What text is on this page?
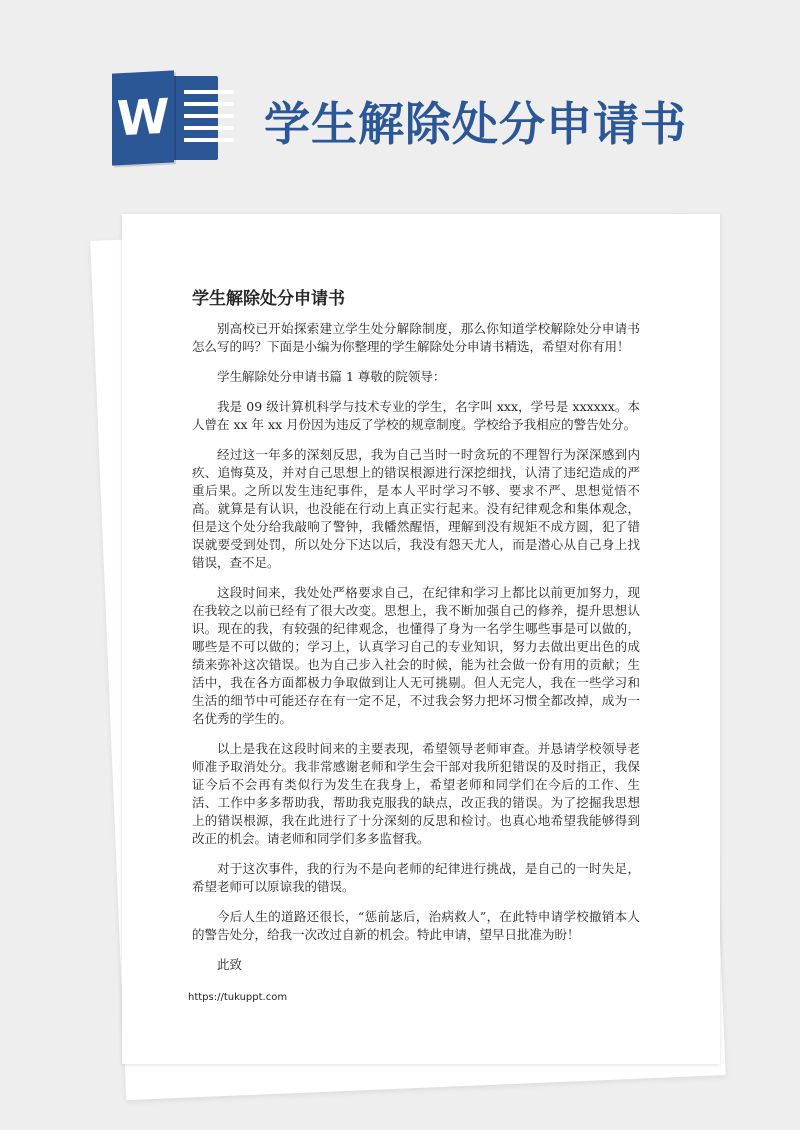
W 学生解除处分申请书
学生解除处分申请书

别高校已开始探索建立学生处分解除制度，那么你知道学校解除处分申请书怎么写的吗？下面是小编为你整理的学生解除处分申请书精选，希望对你有用！

学生解除处分申请书篇 1 尊敬的院领导：

我是 09 级计算机科学与技术专业的学生，名字叫 xxx，学号是 xxxxxx。本人曾在 xx 年 xx 月份因为违反了学校的规章制度。学校给予我相应的警告处分。

经过这一年多的深刻反思，我为自己当时一时贪玩的不理智行为深深感到内疚、追悔莫及，并对自己思想上的错误根源进行深挖细找，认清了违纪造成的严重后果。之所以发生违纪事件，是本人平时学习不够、要求不严、思想觉悟不高。就算是有认识，也没能在行动上真正实行起来。没有纪律观念和集体观念，但是这个处分给我敲响了警钟，我幡然醒悟，理解到没有规矩不成方圆，犯了错误就要受到处罚，所以处分下达以后，我没有怨天尤人，而是潜心从自己身上找错误，查不足。

这段时间来，我处处严格要求自己，在纪律和学习上都比以前更加努力，现在我较之以前已经有了很大改变。思想上，我不断加强自己的修养，提升思想认识。现在的我，有较强的纪律观念，也懂得了身为一名学生哪些事是可以做的，哪些是不可以做的；学习上，认真学习自己的专业知识，努力去做出更出色的成绩来弥补这次错误。也为自己步入社会的时候，能为社会做一份有用的贡献；生活中，我在各方面都极力争取做到让人无可挑剔。但人无完人，我在一些学习和生活的细节中可能还存在有一定不足，不过我会努力把坏习惯全都改掉，成为一名优秀的学生的。

以上是我在这段时间来的主要表现，希望领导老师审查。并恳请学校领导老师准予取消处分。我非常感谢老师和学生会干部对我所犯错误的及时指正，我保证今后不会再有类似行为发生在我身上，希望老师和同学们在今后的工作、生活、工作中多多帮助我，帮助我克服我的缺点，改正我的错误。为了挖掘我思想上的错误根源，我在此进行了十分深刻的反思和检讨。也真心地希望我能够得到改正的机会。请老师和同学们多多监督我。

对于这次事件，我的行为不是向老师的纪律进行挑战，是自己的一时失足，希望老师可以原谅我的错误。

今后人生的道路还很长，“惩前毖后，治病救人”，在此特申请学校撤销本人的警告处分，给我一次改过自新的机会。特此申请，望早日批准为盼！

此致

https://tukuppt.com
